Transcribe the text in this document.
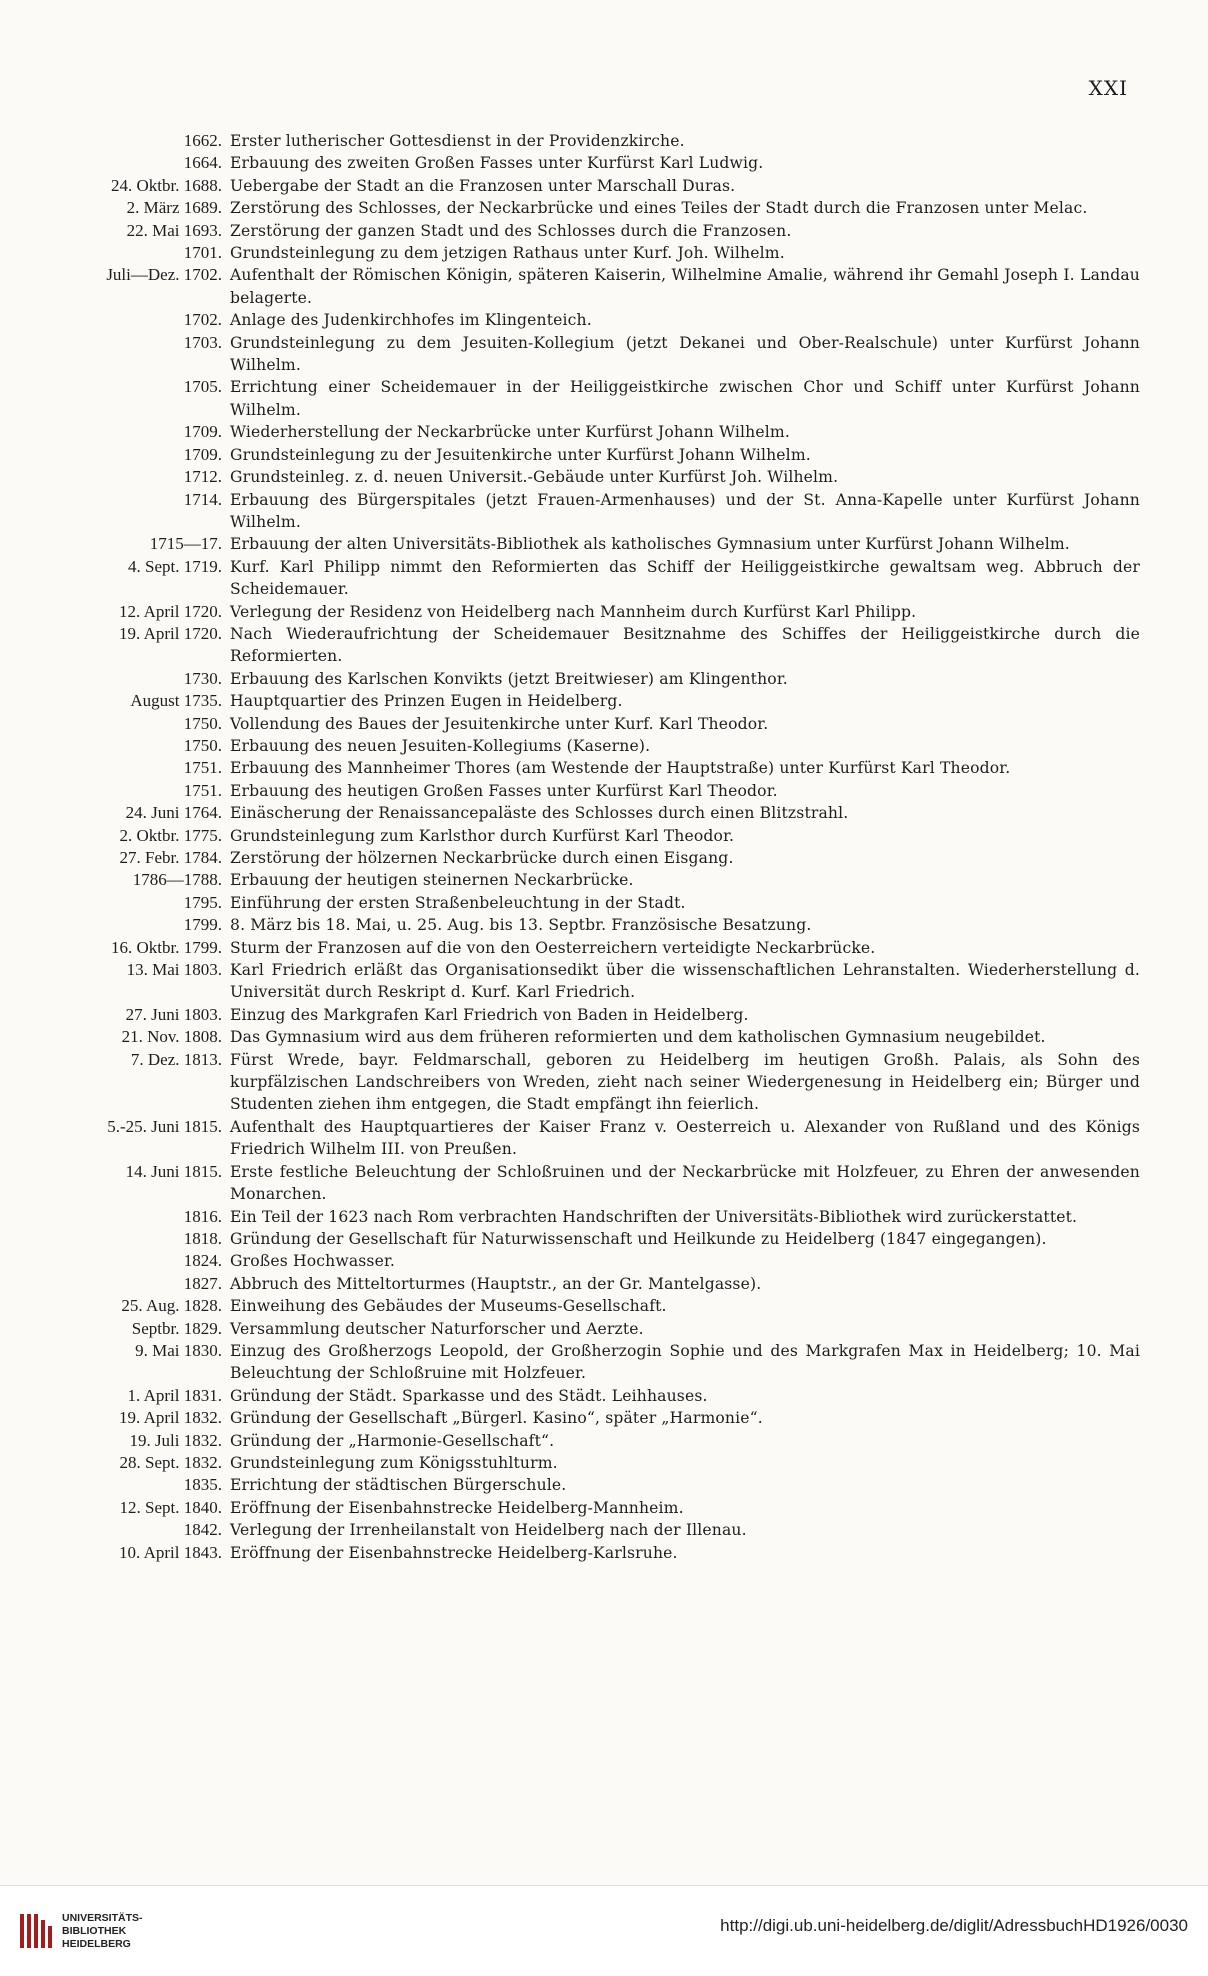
XXI
1662. Erster lutherischer Gottesdienst in der Providenzkirche.
1664. Erbauung des zweiten Großen Fasses unter Kurfürst Karl Ludwig.
24. Oktbr. 1688. Uebergabe der Stadt an die Franzosen unter Marschall Duras.
2. März 1689. Zerstörung des Schlosses, der Neckarbrücke und eines Teiles der Stadt durch die Franzosen unter Melac.
22. Mai 1693. Zerstörung der ganzen Stadt und des Schlosses durch die Franzosen.
1701. Grundsteinlegung zu dem jetzigen Rathaus unter Kurf. Joh. Wilhelm.
Juli—Dez. 1702. Aufenthalt der Römischen Königin, späteren Kaiserin, Wilhelmine Amalie, während ihr Gemahl Joseph I. Landau belagerte.
1702. Anlage des Judenkirchhofes im Klingenteich.
1703. Grundsteinlegung zu dem Jesuiten-Kollegium (jetzt Dekanei und Ober-Realschule) unter Kurfürst Johann Wilhelm.
1705. Errichtung einer Scheidemauer in der Heiliggeistkirche zwischen Chor und Schiff unter Kurfürst Johann Wilhelm.
1709. Wiederherstellung der Neckarbrücke unter Kurfürst Johann Wilhelm.
1709. Grundsteinlegung zu der Jesuitenkirche unter Kurfürst Johann Wilhelm.
1712. Grundsteinleg. z. d. neuen Universit.-Gebäude unter Kurfürst Joh. Wilhelm.
1714. Erbauung des Bürgerspitales (jetzt Frauen-Armenhauses) und der St. Anna-Kapelle unter Kurfürst Johann Wilhelm.
1715—17. Erbauung der alten Universitäts-Bibliothek als katholisches Gymnasium unter Kurfürst Johann Wilhelm.
4. Sept. 1719. Kurf. Karl Philipp nimmt den Reformierten das Schiff der Heiliggeistkirche gewaltsam weg. Abbruch der Scheidemauer.
12. April 1720. Verlegung der Residenz von Heidelberg nach Mannheim durch Kurfürst Karl Philipp.
19. April 1720. Nach Wiederaufrichtung der Scheidemauer Besitznahme des Schiffes der Heiliggeistkirche durch die Reformierten.
1730. Erbauung des Karlschen Konvikts (jetzt Breitwieser) am Klingenthor.
August 1735. Hauptquartier des Prinzen Eugen in Heidelberg.
1750. Vollendung des Baues der Jesuitenkirche unter Kurf. Karl Theodor.
1750. Erbauung des neuen Jesuiten-Kollegiums (Kaserne).
1751. Erbauung des Mannheimer Thores (am Westende der Hauptstraße) unter Kurfürst Karl Theodor.
1751. Erbauung des heutigen Großen Fasses unter Kurfürst Karl Theodor.
24. Juni 1764. Einäscherung der Renaissancepaläste des Schlosses durch einen Blitzstrahl.
2. Oktbr. 1775. Grundsteinlegung zum Karlsthor durch Kurfürst Karl Theodor.
27. Febr. 1784. Zerstörung der hölzernen Neckarbrücke durch einen Eisgang.
1786—1788. Erbauung der heutigen steinernen Neckarbrücke.
1795. Einführung der ersten Straßenbeleuchtung in der Stadt.
1799. 8. März bis 18. Mai, u. 25. Aug. bis 13. Septbr. Französische Besatzung.
16. Oktbr. 1799. Sturm der Franzosen auf die von den Oesterreichern verteidigte Neckarbrücke.
13. Mai 1803. Karl Friedrich erläßt das Organisationsedikt über die wissenschaftlichen Lehranstalten. Wiederherstellung d. Universität durch Reskript d. Kurf. Karl Friedrich.
27. Juni 1803. Einzug des Markgrafen Karl Friedrich von Baden in Heidelberg.
21. Nov. 1808. Das Gymnasium wird aus dem früheren reformierten und dem katholischen Gymnasium neugebildet.
7. Dez. 1813. Fürst Wrede, bayr. Feldmarschall, geboren zu Heidelberg im heutigen Großh. Palais, als Sohn des kurpfälzischen Landschreibers von Wreden, zieht nach seiner Wiedergenesung in Heidelberg ein; Bürger und Studenten ziehen ihm entgegen, die Stadt empfängt ihn feierlich.
5.-25. Juni 1815. Aufenthalt des Hauptquartieres der Kaiser Franz v. Oesterreich u. Alexander von Rußland und des Königs Friedrich Wilhelm III. von Preußen.
14. Juni 1815. Erste festliche Beleuchtung der Schloßruinen und der Neckarbrücke mit Holzfeuer, zu Ehren der anwesenden Monarchen.
1816. Ein Teil der 1623 nach Rom verbrachten Handschriften der Universitäts-Bibliothek wird zurückerstattet.
1818. Gründung der Gesellschaft für Naturwissenschaft und Heilkunde zu Heidelberg (1847 eingegangen).
1824. Großes Hochwasser.
1827. Abbruch des Mitteltorturmes (Hauptstr., an der Gr. Mantelgasse).
25. Aug. 1828. Einweihung des Gebäudes der Museums-Gesellschaft.
Septbr. 1829. Versammlung deutscher Naturforscher und Aerzte.
9. Mai 1830. Einzug des Großherzogs Leopold, der Großherzogin Sophie und des Markgrafen Max in Heidelberg; 10. Mai Beleuchtung der Schloßruine mit Holzfeuer.
1. April 1831. Gründung der Städt. Sparkasse und des Städt. Leihhauses.
19. April 1832. Gründung der Gesellschaft „Bürgerl. Kasino“, später „Harmonie“.
19. Juli 1832. Gründung der „Harmonie-Gesellschaft“.
28. Sept. 1832. Grundsteinlegung zum Königsstuhlturm.
1835. Errichtung der städtischen Bürgerschule.
12. Sept. 1840. Eröffnung der Eisenbahnstrecke Heidelberg-Mannheim.
1842. Verlegung der Irrenheilanstalt von Heidelberg nach der Illenau.
10. April 1843. Eröffnung der Eisenbahnstrecke Heidelberg-Karlsruhe.
UNIVERSITÄTS-
BIBLIOTHEK
HEIDELBERG
http://digi.ub.uni-heidelberg.de/diglit/AdressbuchHD1926/0030
